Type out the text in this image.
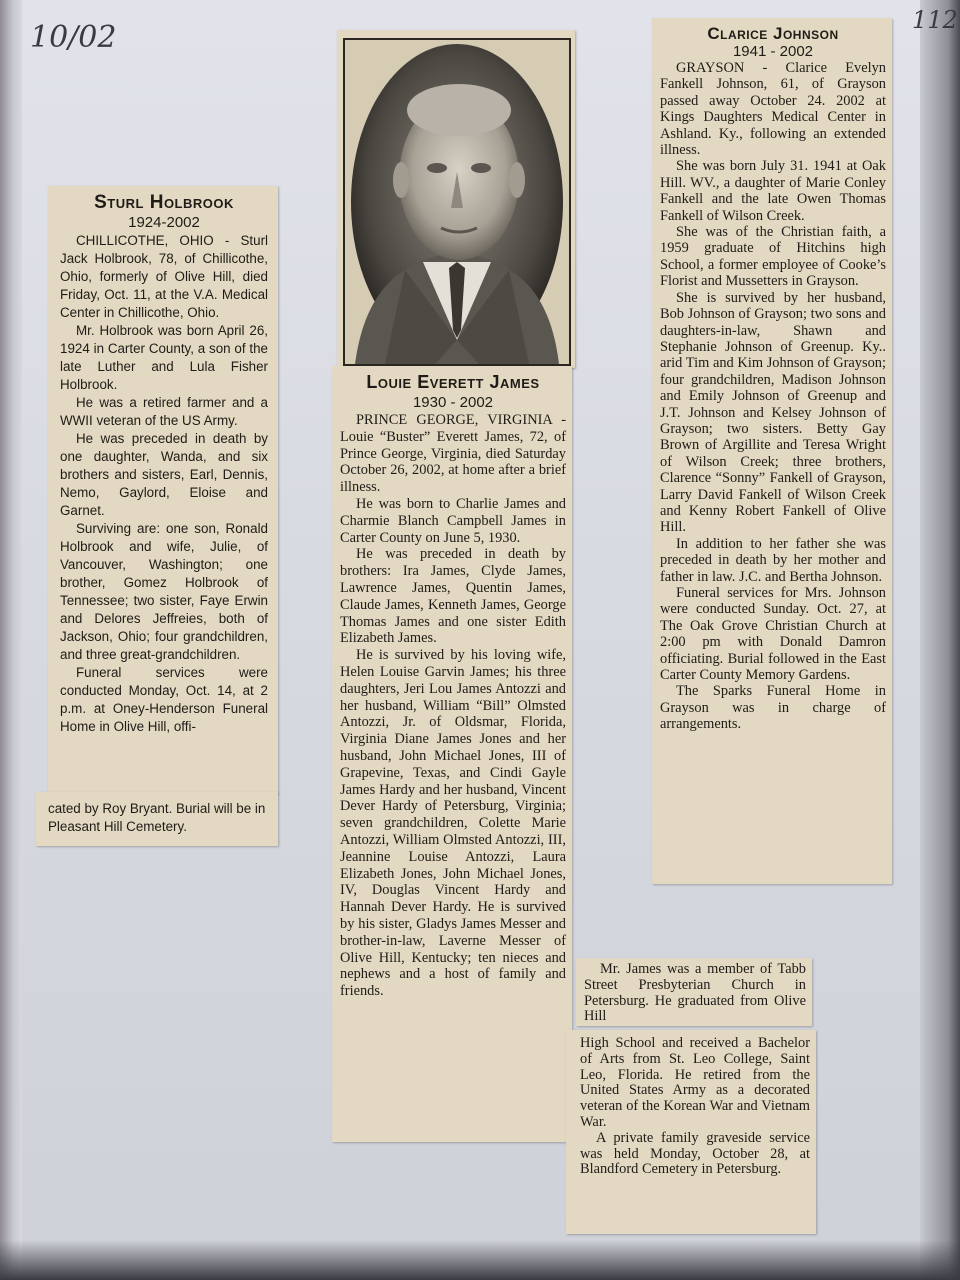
10/02	112
Sturl Holbrook
1924-2002

CHILLICOTHE, OHIO - Sturl Jack Holbrook, 78, of Chillicothe, Ohio, formerly of Olive Hill, died Friday, Oct. 11, at the V.A. Medical Center in Chillicothe, Ohio.

Mr. Holbrook was born April 26, 1924 in Carter County, a son of the late Luther and Lula Fisher Holbrook.

He was a retired farmer and a WWII veteran of the US Army.

He was preceded in death by one daughter, Wanda, and six brothers and sisters, Earl, Dennis, Nemo, Gaylord, Eloise and Garnet.

Surviving are: one son, Ronald Holbrook and wife, Julie, of Vancouver, Washington; one brother, Gomez Holbrook of Tennessee; two sister, Faye Erwin and Delores Jeffreies, both of Jackson, Ohio; four grandchildren, and three great-grandchildren.

Funeral services were conducted Monday, Oct. 14, at 2 p.m. at Oney-Henderson Funeral Home in Olive Hill, offi-

cated by Roy Bryant. Burial will be in Pleasant Hill Cemetery.
Louie Everett James
1930 - 2002

PRINCE GEORGE, VIRGINIA - Louie “Buster” Everett James, 72, of Prince George, Virginia, died Saturday October 26, 2002, at home after a brief illness.

He was born to Charlie James and Charmie Blanch Campbell James in Carter County on June 5, 1930.

He was preceded in death by brothers: Ira James, Clyde James, Lawrence James, Quentin James, Claude James, Kenneth James, George Thomas James and one sister Edith Elizabeth James.

He is survived by his loving wife, Helen Louise Garvin James; his three daughters, Jeri Lou James Antozzi and her husband, William “Bill” Olmsted Antozzi, Jr. of Oldsmar, Florida, Virginia Diane James Jones and her husband, John Michael Jones, III of Grapevine, Texas, and Cindi Gayle James Hardy and her husband, Vincent Dever Hardy of Petersburg, Virginia; seven grandchildren, Colette Marie Antozzi, William Olmsted Antozzi, III, Jeannine Louise Antozzi, Laura Elizabeth Jones, John Michael Jones, IV, Douglas Vincent Hardy and Hannah Dever Hardy. He is survived by his sister, Gladys James Messer and brother-in-law, Laverne Messer of Olive Hill, Kentucky; ten nieces and nephews and a host of family and friends.

Mr. James was a member of Tabb Street Presbyterian Church in Petersburg. He graduated from Olive Hill

High School and received a Bachelor of Arts from St. Leo College, Saint Leo, Florida. He retired from the United States Army as a decorated veteran of the Korean War and Vietnam War.

A private family graveside service was held Monday, October 28, at Blandford Cemetery in Petersburg.

Clarice Johnson
1941 - 2002

GRAYSON - Clarice Evelyn Fankell Johnson, 61, of Grayson passed away October 24. 2002 at Kings Daughters Medical Center in Ashland. Ky., following an extended illness.

She was born July 31. 1941 at Oak Hill. WV., a daughter of Marie Conley Fankell and the late Owen Thomas Fankell of Wilson Creek.

She was of the Christian faith, a 1959 graduate of Hitchins high School, a former employee of Cooke’s Florist and Mussetters in Grayson.

She is survived by her husband, Bob Johnson of Grayson; two sons and daughters-in-law, Shawn and Stephanie Johnson of Greenup. Ky.. arid Tim and Kim Johnson of Grayson; four grandchildren, Madison Johnson and Emily Johnson of Greenup and J.T. Johnson and Kelsey Johnson of Grayson; two sisters. Betty Gay Brown of Argillite and Teresa Wright of Wilson Creek; three brothers, Clarence “Sonny” Fankell of Grayson, Larry David Fankell of Wilson Creek and Kenny Robert Fankell of Olive Hill.

In addition to her father she was preceded in death by her mother and father in law. J.C. and Bertha Johnson.

Funeral services for Mrs. Johnson were conducted Sunday. Oct. 27, at The Oak Grove Christian Church at 2:00 pm with Donald Damron officiating. Burial followed in the East Carter County Memory Gardens.

The Sparks Funeral Home in Grayson was in charge of arrangements.
